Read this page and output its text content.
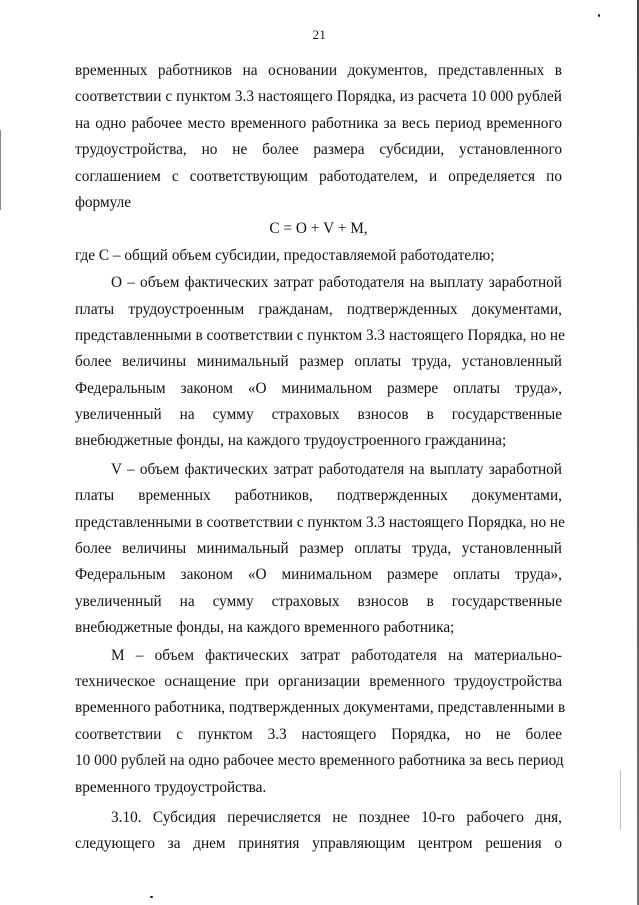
21
временных работников на основании документов, представленных в
соответствии с пунктом 3.3 настоящего Порядка, из расчета 10 000 рублей
на одно рабочее место временного работника за весь период временного
трудоустройства, но не более размера субсидии, установленного
соглашением с соответствующим работодателем, и определяется по
формуле
С = О + V + М,
где С – общий объем субсидии, предоставляемой работодателю;
О – объем фактических затрат работодателя на выплату заработной
платы трудоустроенным гражданам, подтвержденных документами,
представленными в соответствии с пунктом 3.3 настоящего Порядка, но не
более величины минимальный размер оплаты труда, установленный
Федеральным законом «О минимальном размере оплаты труда»,
увеличенный на сумму страховых взносов в государственные
внебюджетные фонды, на каждого трудоустроенного гражданина;
V – объем фактических затрат работодателя на выплату заработной
платы временных работников, подтвержденных документами,
представленными в соответствии с пунктом 3.3 настоящего Порядка, но не
более величины минимальный размер оплаты труда, установленный
Федеральным законом «О минимальном размере оплаты труда»,
увеличенный на сумму страховых взносов в государственные
внебюджетные фонды, на каждого временного работника;
М – объем фактических затрат работодателя на материально-
техническое оснащение при организации временного трудоустройства
временного работника, подтвержденных документами, представленными в
соответствии с пунктом 3.3 настоящего Порядка, но не более
10 000 рублей на одно рабочее место временного работника за весь период
временного трудоустройства.
3.10. Субсидия перечисляется не позднее 10-го рабочего дня,
следующего за днем принятия управляющим центром решения о
